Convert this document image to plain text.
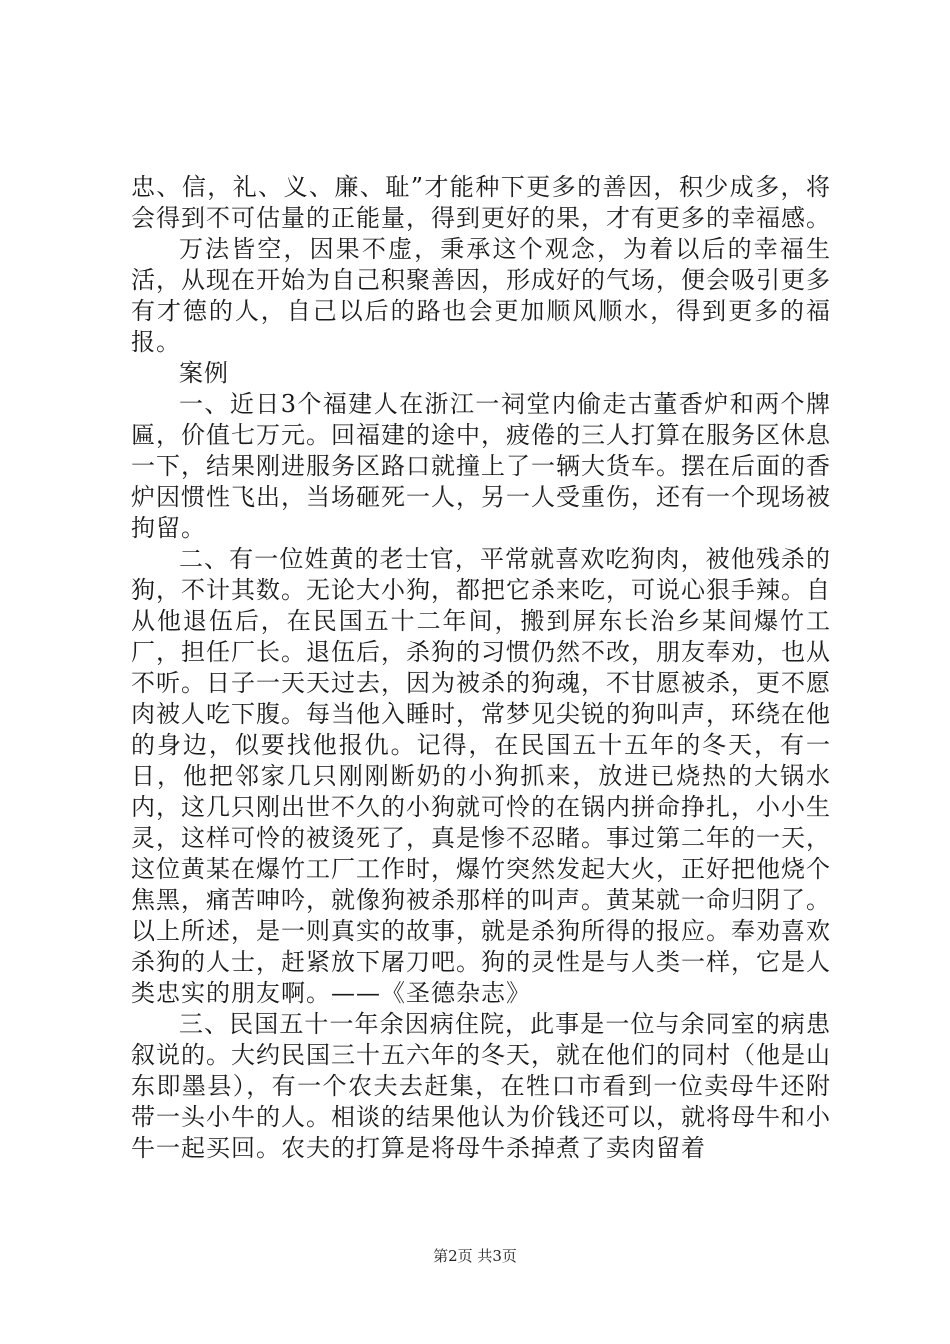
忠、信，礼、义、廉、耻”才能种下更多的善因，积少成多，将会得到不可估量的正能量，得到更好的果，才有更多的幸福感。

万法皆空，因果不虚，秉承这个观念，为着以后的幸福生活，从现在开始为自己积聚善因，形成好的气场，便会吸引更多有才德的人，自己以后的路也会更加顺风顺水，得到更多的福报。

案例

一、近日3个福建人在浙江一祠堂内偷走古董香炉和两个牌匾，价值七万元。回福建的途中，疲倦的三人打算在服务区休息一下，结果刚进服务区路口就撞上了一辆大货车。摆在后面的香炉因惯性飞出，当场砸死一人，另一人受重伤，还有一个现场被拘留。

二、有一位姓黄的老士官，平常就喜欢吃狗肉，被他残杀的狗，不计其数。无论大小狗，都把它杀来吃，可说心狠手辣。自从他退伍后，在民国五十二年间，搬到屏东长治乡某间爆竹工厂，担任厂长。退伍后，杀狗的习惯仍然不改，朋友奉劝，也从不听。日子一天天过去，因为被杀的狗魂，不甘愿被杀，更不愿肉被人吃下腹。每当他入睡时，常梦见尖锐的狗叫声，环绕在他的身边，似要找他报仇。记得，在民国五十五年的冬天，有一日，他把邻家几只刚刚断奶的小狗抓来，放进已烧热的大锅水内，这几只刚出世不久的小狗就可怜的在锅内拼命挣扎，小小生灵，这样可怜的被烫死了，真是惨不忍睹。事过第二年的一天，这位黄某在爆竹工厂工作时，爆竹突然发起大火，正好把他烧个焦黑，痛苦呻吟，就像狗被杀那样的叫声。黄某就一命归阴了。以上所述，是一则真实的故事，就是杀狗所得的报应。奉劝喜欢杀狗的人士，赶紧放下屠刀吧。狗的灵性是与人类一样，它是人类忠实的朋友啊。——《圣德杂志》

三、民国五十一年余因病住院，此事是一位与余同室的病患叙说的。大约民国三十五六年的冬天，就在他们的同村（他是山东即墨县），有一个农夫去赶集，在牲口市看到一位卖母牛还附带一头小牛的人。相谈的结果他认为价钱还可以，就将母牛和小牛一起买回。农夫的打算是将母牛杀掉煮了卖肉留着

第2页 共3页
